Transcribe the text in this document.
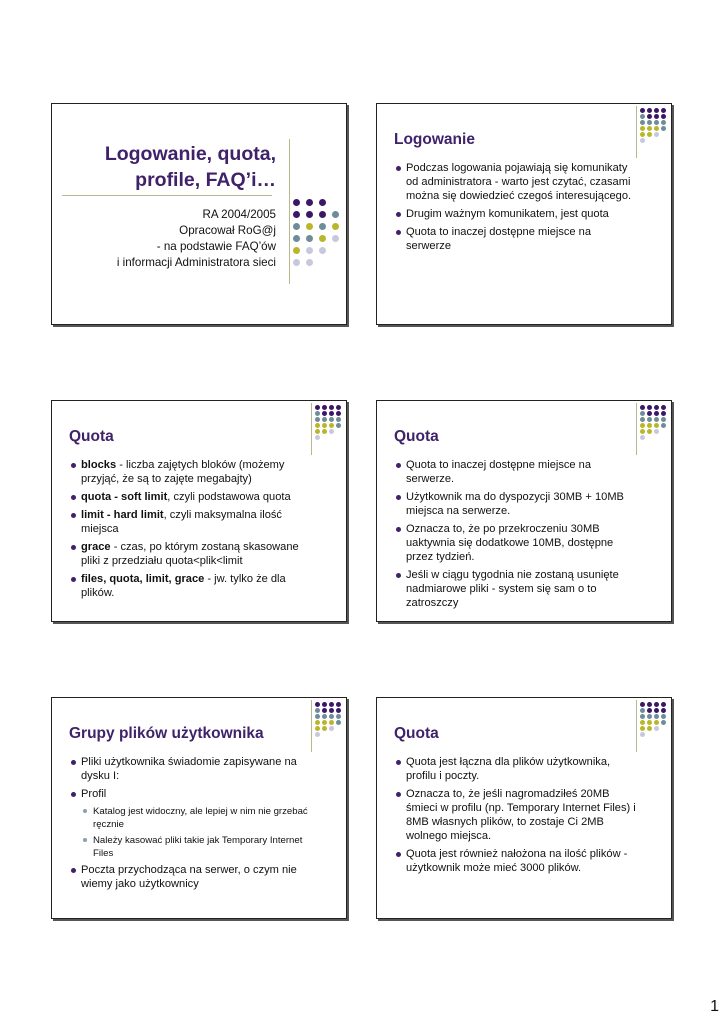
Logowanie, quota,
profile, FAQ’i…
RA 2004/2005
Opracował RoG@j
- na podstawie FAQ’ów
i informacji Administratora sieci
Logowanie
Podczas logowania pojawiają się komunikaty od administratora - warto jest czytać, czasami można się dowiedzieć czegoś interesującego.
Drugim ważnym komunikatem, jest quota
Quota to inaczej dostępne miejsce na serwerze
Quota
blocks - liczba zajętych bloków (możemy przyjąć, że są to zajęte megabajty)
quota - soft limit, czyli podstawowa quota
limit - hard limit, czyli maksymalna ilość miejsca
grace - czas, po którym zostaną skasowane pliki z przedziału quota<plik<limit
files, quota, limit, grace - jw. tylko że dla plików.
Quota
Quota to inaczej dostępne miejsce na serwerze.
Użytkownik ma do dyspozycji 30MB + 10MB miejsca na serwerze.
Oznacza to, że po przekroczeniu 30MB uaktywnia się dodatkowe 10MB, dostępne przez tydzień.
Jeśli w ciągu tygodnia nie zostaną usunięte nadmiarowe pliki - system się sam o to zatroszczy
Grupy plików użytkownika
Pliki użytkownika świadomie zapisywane na dysku I:
Profil
Katalog jest widoczny, ale lepiej w nim nie grzebać ręcznie
Należy kasować pliki takie jak Temporary Internet Files
Poczta przychodząca na serwer, o czym nie wiemy jako użytkownicy
Quota
Quota jest łączna dla plików użytkownika, profilu i poczty.
Oznacza to, że jeśli nagromadziłeś 20MB śmieci w profilu (np. Temporary Internet Files) i 8MB własnych plików, to zostaje Ci 2MB wolnego miejsca.
Quota jest również nałożona na ilość plików - użytkownik może mieć 3000 plików.
1
